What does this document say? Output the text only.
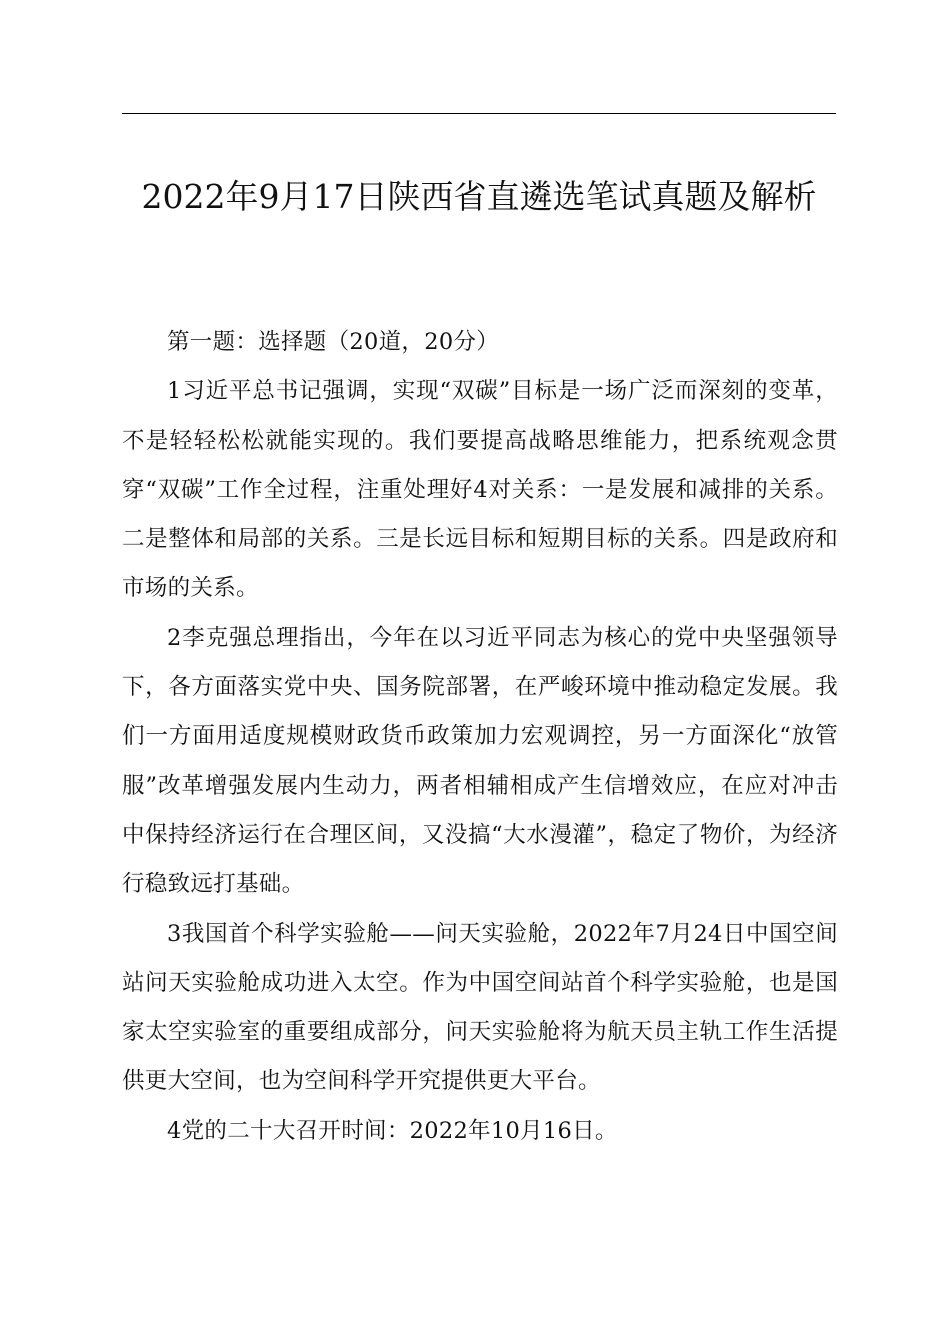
2022年9月17日陕西省直遴选笔试真题及解析

第一题：选择题（20道，20分）

1习近平总书记强调，实现“双碳”目标是一场广泛而深刻的变革，不是轻轻松松就能实现的。我们要提高战略思维能力，把系统观念贯穿“双碳”工作全过程，注重处理好4对关系：一是发展和减排的关系。二是整体和局部的关系。三是长远目标和短期目标的关系。四是政府和市场的关系。

2李克强总理指出，今年在以习近平同志为核心的党中央坚强领导下，各方面落实党中央、国务院部署，在严峻环境中推动稳定发展。我们一方面用适度规模财政货币政策加力宏观调控，另一方面深化“放管服”改革增强发展内生动力，两者相辅相成产生信增效应，在应对冲击中保持经济运行在合理区间，又没搞“大水漫灌”，稳定了物价，为经济行稳致远打基础。

3我国首个科学实验舱——问天实验舱，2022年7月24日中国空间站问天实验舱成功进入太空。作为中国空间站首个科学实验舱，也是国家太空实验室的重要组成部分，问天实验舱将为航天员主轨工作生活提供更大空间，也为空间科学开究提供更大平台。

4党的二十大召开时间：2022年10月16日。
